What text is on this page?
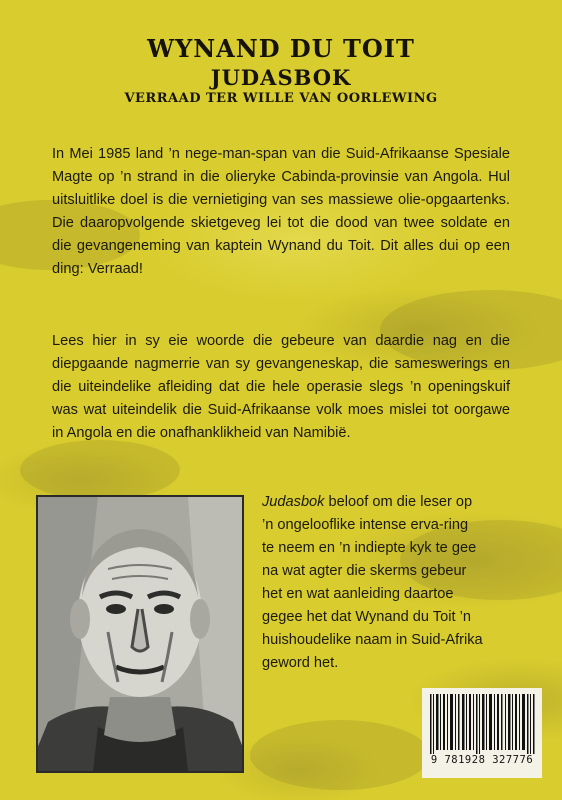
WYNAND DU TOIT
JUDASBOK
VERRAAD TER WILLE VAN OORLEWING

In Mei 1985 land ’n nege-man-span van die Suid-Afrikaanse Spesiale Magte op ’n strand in die olieryke Cabinda-provinsie van Angola. Hul uitsluitlike doel is die vernietiging van ses massiewe olie-opgaartenks. Die daaropvolgende skietgeveg lei tot die dood van twee soldate en die gevangeneming van kaptein Wynand du Toit. Dit alles dui op een ding: Verraad!

Lees hier in sy eie woorde die gebeure van daardie nag en die diepgaande nagmerrie van sy gevangeneskap, die sameswerings en die uiteindelike afleiding dat die hele operasie slegs ’n openingskuif was wat uiteindelik die Suid-Afrikaanse volk moes mislei tot oorgawe in Angola en die onafhanklikheid van Namibië.

Judasbok beloof om die leser op ’n ongelooflike intense erva-ring te neem en ’n indiepte kyk te gee na wat agter die skerms gebeur het en wat aanleiding daartoe gegee het dat Wynand du Toit ’n huishoudelike naam in Suid-Afrika geword het.

9 781928 327776
